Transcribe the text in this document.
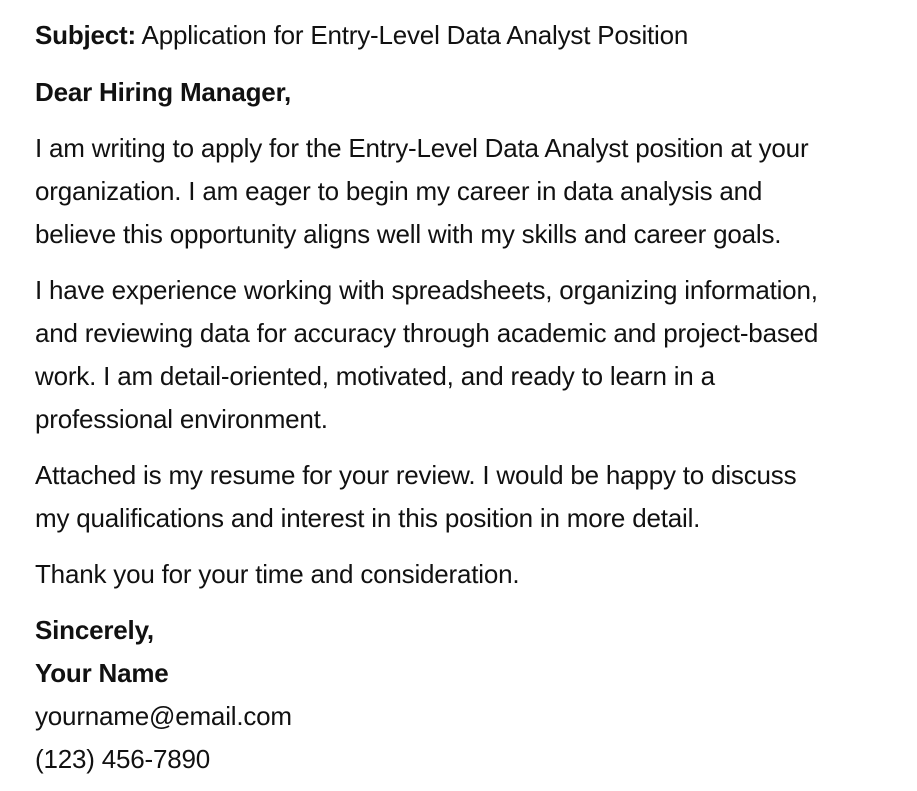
Subject: Application for Entry-Level Data Analyst Position

Dear Hiring Manager,

I am writing to apply for the Entry-Level Data Analyst position at your

organization. I am eager to begin my career in data analysis and

believe this opportunity aligns well with my skills and career goals.

I have experience working with spreadsheets, organizing information,

and reviewing data for accuracy through academic and project-based

work. I am detail-oriented, motivated, and ready to learn in a

professional environment.

Attached is my resume for your review. I would be happy to discuss

my qualifications and interest in this position in more detail.

Thank you for your time and consideration.

Sincerely,

Your Name

yourname@email.com

(123) 456-7890
